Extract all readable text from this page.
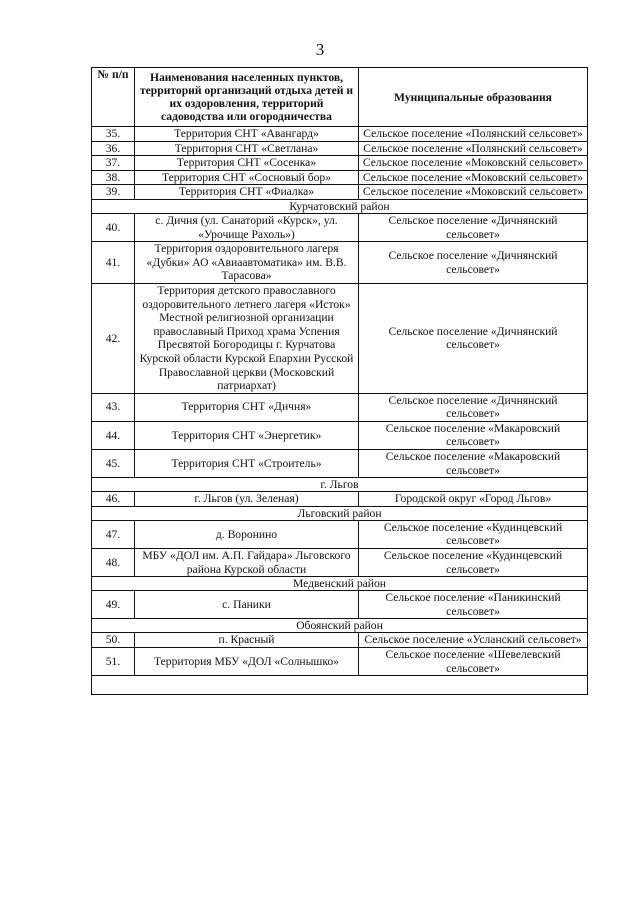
3
№ п/п	Наименования населенных пунктов, территорий организаций отдыха детей и их оздоровления, территорий садоводства или огородничества	Муниципальные образования
35.	Территория СНТ «Авангард»	Сельское поселение «Полянский сельсовет»
36.	Территория СНТ «Светлана»	Сельское поселение «Полянский сельсовет»
37.	Территория СНТ «Сосенка»	Сельское поселение «Моковский сельсовет»
38.	Территория СНТ «Сосновый бор»	Сельское поселение «Моковский сельсовет»
39.	Территория СНТ «Фиалка»	Сельское поселение «Моковский сельсовет»
Курчатовский район		
40.	с. Дичня (ул. Санаторий «Курск», ул. «Урочище Рахоль»)	Сельское поселение «Дичнянский сельсовет»
41.	Территория оздоровительного лагеря «Дубки» АО «Авиаавтоматика» им. В.В. Тарасова»	Сельское поселение «Дичнянский сельсовет»
42.	Территория детского православного оздоровительного летнего лагеря «Исток» Местной религиозной организации православный Приход храма Успения Пресвятой Богородицы г. Курчатова Курской области Курской Епархии Русской Православной церкви (Московский патриархат)	Сельское поселение «Дичнянский сельсовет»
43.	Территория СНТ «Дичня»	Сельское поселение «Дичнянский сельсовет»
44.	Территория СНТ «Энергетик»	Сельское поселение «Макаровский сельсовет»
45.	Территория СНТ «Строитель»	Сельское поселение «Макаровский сельсовет»
г. Льгов		
46.	г. Льгов (ул. Зеленая)	Городской округ «Город Льгов»
Льговский район		
47.	д. Воронино	Сельское поселение «Кудинцевский сельсовет»
48.	МБУ «ДОЛ им. А.П. Гайдара» Льговского района Курской области	Сельское поселение «Кудинцевский сельсовет»
Медвенский район		
49.	с. Паники	Сельское поселение «Паникинский сельсовет»
Обоянский район		
50.	п. Красный	Сельское поселение «Усланский сельсовет»
51.	Территория МБУ «ДОЛ «Солнышко»	Сельское поселение «Шевелевский сельсовет»
